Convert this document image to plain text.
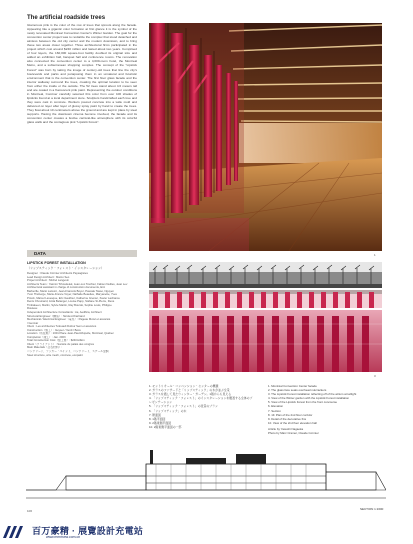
The artificial roadside trees
Glamorous pink is the color of the row of trees that sprouts along the facade. Appearing like a gigantic color formation at first glance it is the symbol of the newly renovated Montreal Convention Center's Winter Garden. The goal for the convention center project was to revitalize the complex that stood detached and aimless between the old city center and the modern downtown, and to bring these two areas closer together. Three architectural firms participated in the project which cost around $240 million and lasted about two years. Comprised of four layers, the 160,000 square-foot facility doubled its original size and added an exhibition hall, banquet hall and conference rooms. The renovation also connected the convention center to a 4,000-room hotel, the Montreal Metro, and a subterranean shopping complex. The concept of the "Lipstick Forest" was born by taking the image of century-old trees that line the city's boulevards and parks and juxtaposing them in an unnatural and futuristic environment that is the convention center. The first floor glass facade and the interior walkway surround the trees, creating the optimal location to be seen from either the inside or the outside. The 52 trees stand about 4.6 meters tall and are coated in a fluorescent pink paint. Representing the outdoor conditions in Montreal, Comtner carefully selected this color from over 100 shades of lipsticks found at a local department store. Sculptors handcrafted each tree and they were cast in concrete. Workers poured concrete into a wide mold and delivered on layer after layer of glossy spray paint by hand to create the trees. They float about 10 centimeters above the ground and are kept in place by steel supports. Having the downtown cinema become involved, the facade and its convention center creates a festive carnival-like atmosphere with its colorful glass walls and the contagious pink "Lipstick Forest".
1
DATA
LIPSTICK FOREST INSTALLATION
（リップスティック・フォレスト・インスタレーション）
Designer : Claude Cormier Architects Paysagistes
Lead Design Architect : Marco Seo
Project Architect : Michel Langevin
Architects Team : Yasmin Tchoudelek, Jean-Luc Tourbier, Fabien Neilles, Jean Lev
Architectural assistant in charge of construction documents, Eric
Barberille, Mario Lamont, Jean-Francois Boyer, Pascale Tassé, Nguyen
Yvon Théberge, Marie-France Voyer, Nathalie Beaulieu, Maryanette, Yves
Proulx, Marcel Lévesque, Éric Gauthier, Catherine Grenier, Xavier Lachance
Denis Chouinard, Anita Belanger, Louise Papp, Stéfane St-Pierre, René
Timbakeen, Martin, Sylvie Martin, Ray Bourdé, Sophie Louis, Philippe
Rouleau
Independent Architecture Consultants : Aé, Aedifica, Architect
Structural Engineer（構造）: Nicolet-Chartrand
Mechanical / Electrical Engineer（電気）: Pageau Morel et associés
/ Genivar
Client : Les architectes Tétreault Dufour Seni et associés
Construction（施工）: Geyser / Verdi / Bécu
Location（所在地）: 1001 Place Jean-Paul-Riopelle, Montréal, Québec
Completion（竣工）: Jan. 2003
Total Construction Cost（総工費）: $240million
Client（クライアント）: Société du palais des congrès
Main Materials（主な材料）:
コンクリート、ラッカー・ペイント、コンクリート、スチール金網
Steel structure, wire mesh, concrete, ecopaint
3
1. モントリオール・コンベンション・センターの概観
2. ガラスのファサードと「リップスティック」の木が並ぶ全景
3. ガラスを通して見たウィンター・ガーデン。1階からも見える
4. 「リップスティック・フォレスト」のインスタレーションを鑑賞する全体のプ
レゼンテーション
5. 「リップスティック・フォレスト」の夜景のプラン
6. 「リップスティック」の木
7. 断面図
8. 1階平面図
9. 2階東側平面図
10. 2階東側平面図の一部
1. Montréal Convention Center facade
2. The glass face seats overhead nutcrackers
3. The Lipstick Forest installation reflecting off of the atrium at twilight
4. View of the Winter garden with the Lipstick Forest installation
5. View of the Lipstick Forest from the front concourse
6. Elevation
7. Section
8. 1F. Plan of the 2nd floor corridor
9. Detail of the decorative fins
10. View of the 2nd floor elevation hall
Article by Yasushi Nagaoka
Photo by Marc Cramer, Claude Cormier
SECTION 1:1600
106
百万豪精 · 展覽設計充電站
www.mmmww.com.cn
